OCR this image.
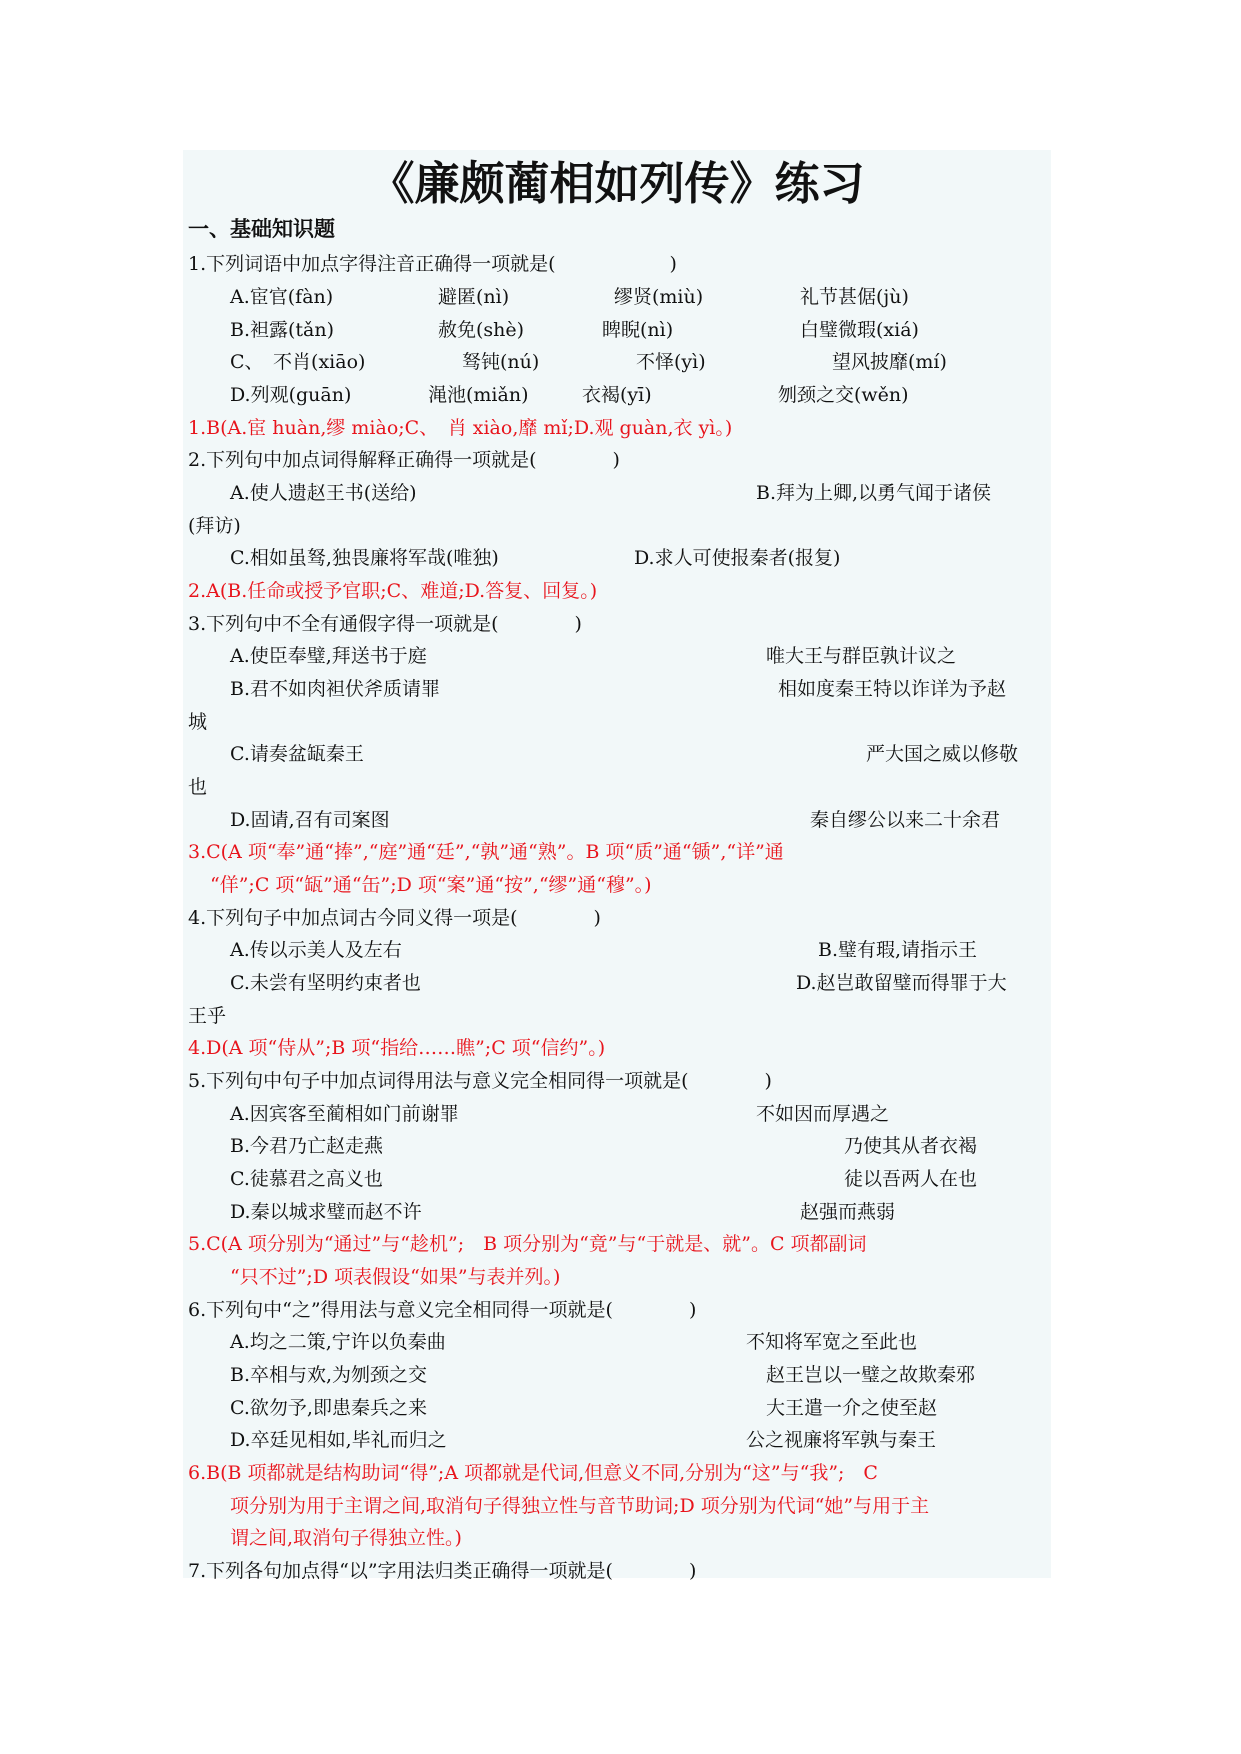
《廉颇蔺相如列传》练习
一、基础知识题
1.下列词语中加点字得注音正确得一项就是(　　　　　　)
A.宦官(fàn)	避匿(nì)	缪贤(miù)	礼节甚倨(jù)
B.袒露(tǎn)	赦免(shè)	睥睨(nì)	白璧微瑕(xiá)
C、　不肖(xiāo)	驽钝(nú)	不怿(yì)	望风披靡(mí)
D.列观(guān)	渑池(miǎn)	衣褐(yī)	刎颈之交(wěn)
1.B(A.宦 huàn,缪 miào;C、　肖 xiào,靡 mǐ;D.观 guàn,衣 yì。)
2.下列句中加点词得解释正确得一项就是(　　　　)
A.使人遗赵王书(送给)	B.拜为上卿,以勇气闻于诸侯
(拜访)
C.相如虽驽,独畏廉将军哉(唯独)	D.求人可使报秦者(报复)
2.A(B.任命或授予官职;C、难道;D.答复、回复。)
3.下列句中不全有通假字得一项就是(　　　　)
A.使臣奉璧,拜送书于庭	唯大王与群臣孰计议之
B.君不如肉袒伏斧质请罪	相如度秦王特以诈详为予赵
城
C.请奏盆缻秦王	严大国之威以修敬
也
D.固请,召有司案图	秦自缪公以来二十余君
3.C(A 项“奉”通“捧”,“庭”通“廷”,“孰”通“熟”。B 项“质”通“锧”,“详”通
“佯”;C 项“缻”通“缶”;D 项“案”通“按”,“缪”通“穆”。)
4.下列句子中加点词古今同义得一项是(　　　　)
A.传以示美人及左右	B.璧有瑕,请指示王
C.未尝有坚明约束者也	D.赵岂敢留璧而得罪于大
王乎
4.D(A 项“侍从”;B 项“指给……瞧”;C 项“信约”。)
5.下列句中句子中加点词得用法与意义完全相同得一项就是(　　　　)
A.因宾客至蔺相如门前谢罪	不如因而厚遇之
B.今君乃亡赵走燕	乃使其从者衣褐
C.徒慕君之高义也	徒以吾两人在也
D.秦以城求璧而赵不许	赵强而燕弱
5.C(A 项分别为“通过”与“趁机”;　B 项分别为“竟”与“于就是、就”。C 项都副词
“只不过”;D 项表假设“如果”与表并列。)
6.下列句中“之”得用法与意义完全相同得一项就是(　　　　)
A.均之二策,宁许以负秦曲	不知将军宽之至此也
B.卒相与欢,为刎颈之交	赵王岂以一璧之故欺秦邪
C.欲勿予,即患秦兵之来	大王遣一介之使至赵
D.卒廷见相如,毕礼而归之	公之视廉将军孰与秦王
6.B(B 项都就是结构助词“得”;A 项都就是代词,但意义不同,分别为“这”与“我”;　C
项分别为用于主谓之间,取消句子得独立性与音节助词;D 项分别为代词“她”与用于主
谓之间,取消句子得独立性。)
7.下列各句加点得“以”字用法归类正确得一项就是(　　　　)
